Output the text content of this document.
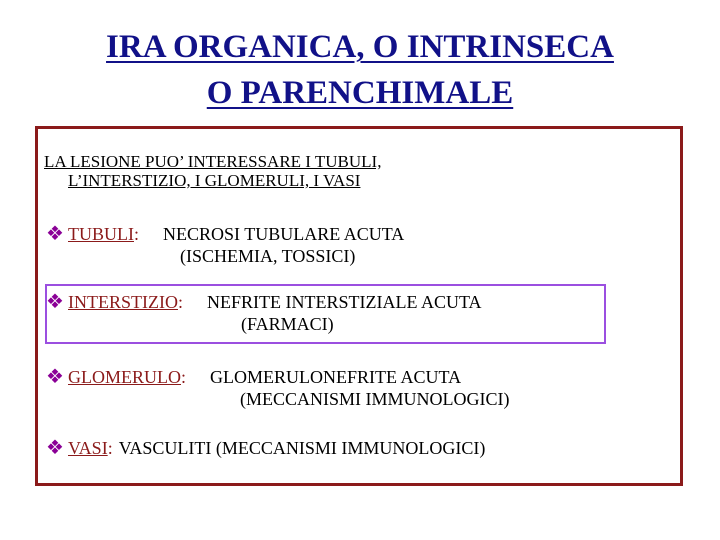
IRA ORGANICA, O INTRINSECA
O PARENCHIMALE
LA LESIONE PUO’ INTERESSARE I TUBULI,
L’INTERSTIZIO, I GLOMERULI, I VASI
❖ TUBULI: NECROSI TUBULARE ACUTA
(ISCHEMIA, TOSSICI)
❖ INTERSTIZIO: NEFRITE INTERSTIZIALE ACUTA
(FARMACI)
❖ GLOMERULO: GLOMERULONEFRITE ACUTA
(MECCANISMI IMMUNOLOGICI)
❖ VASI: VASCULITI (MECCANISMI IMMUNOLOGICI)
